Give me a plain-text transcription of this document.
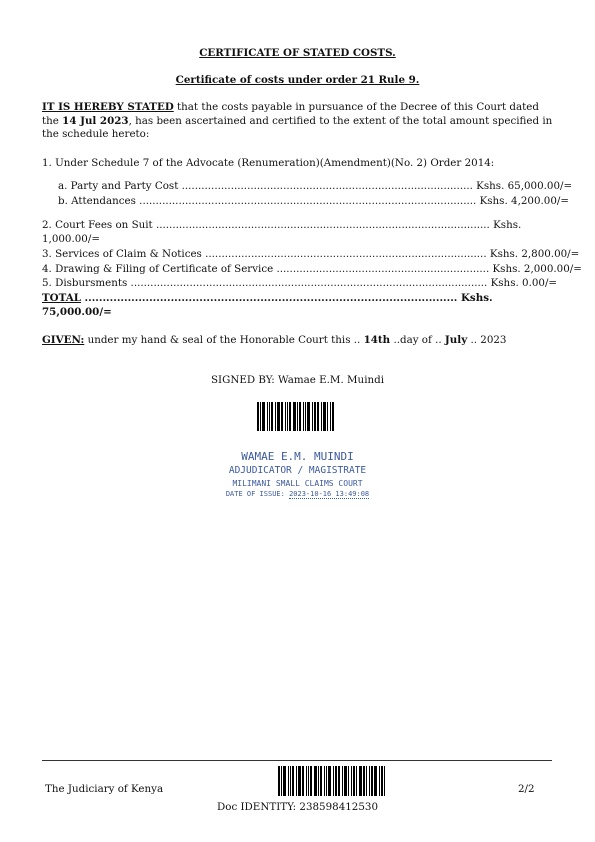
CERTIFICATE OF STATED COSTS.
Certificate of costs under order 21 Rule 9.
IT IS HEREBY STATED that the costs payable in pursuance of the Decree of this Court dated the 14 Jul 2023, has been ascertained and certified to the extent of the total amount specified in the schedule hereto:
1. Under Schedule 7 of the Advocate (Renumeration)(Amendment)(No. 2) Order 2014:
a. Party and Party Cost ......................................................................................... Kshs. 65,000.00/=
b. Attendances ....................................................................................................... Kshs. 4,200.00/=
2. Court Fees on Suit ...................................................................................................... Kshs.
1,000.00/=
3. Services of Claim & Notices ...................................................................................... Kshs. 2,800.00/=
4. Drawing & Filing of Certificate of Service ................................................................. Kshs. 2,000.00/=
5. Disbursments ............................................................................................................. Kshs. 0.00/=
TOTAL ........................................................................................................ Kshs.
75,000.00/=
GIVEN: under my hand & seal of the Honorable Court this .. 14th ..day of .. July .. 2023
SIGNED BY: Wamae E.M. Muindi
WAMAE E.M. MUINDI
ADJUDICATOR / MAGISTRATE
MILIMANI SMALL CLAIMS COURT
DATE OF ISSUE: 2023-10-16 13:49:08
The Judiciary of Kenya
Doc IDENTITY: 238598412530
2/2
